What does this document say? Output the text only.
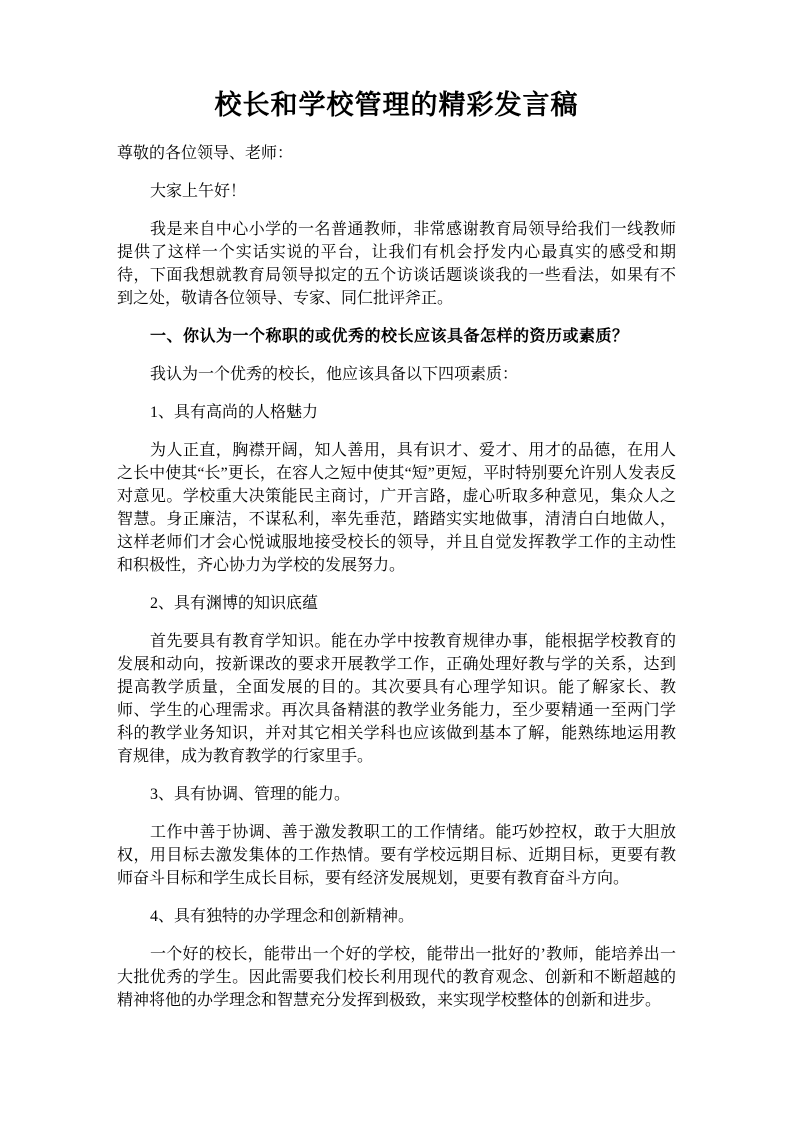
校长和学校管理的精彩发言稿

尊敬的各位领导、老师：

大家上午好！

我是来自中心小学的一名普通教师，非常感谢教育局领导给我们一线教师提供了这样一个实话实说的平台，让我们有机会抒发内心最真实的感受和期待，下面我想就教育局领导拟定的五个访谈话题谈谈我的一些看法，如果有不到之处，敬请各位领导、专家、同仁批评斧正。

一、你认为一个称职的或优秀的校长应该具备怎样的资历或素质？

我认为一个优秀的校长，他应该具备以下四项素质：

1、具有高尚的人格魅力

为人正直，胸襟开阔，知人善用，具有识才、爱才、用才的品德，在用人之长中使其“长”更长，在容人之短中使其“短”更短，平时特别要允许别人发表反对意见。学校重大决策能民主商讨，广开言路，虚心听取多种意见，集众人之智慧。身正廉洁，不谋私利，率先垂范，踏踏实实地做事，清清白白地做人，这样老师们才会心悦诚服地接受校长的领导，并且自觉发挥教学工作的主动性和积极性，齐心协力为学校的发展努力。

2、具有渊博的知识底蕴

首先要具有教育学知识。能在办学中按教育规律办事，能根据学校教育的发展和动向，按新课改的要求开展教学工作，正确处理好教与学的关系，达到提高教学质量，全面发展的目的。其次要具有心理学知识。能了解家长、教师、学生的心理需求。再次具备精湛的教学业务能力，至少要精通一至两门学科的教学业务知识，并对其它相关学科也应该做到基本了解，能熟练地运用教育规律，成为教育教学的行家里手。

3、具有协调、管理的能力。

工作中善于协调、善于激发教职工的工作情绪。能巧妙控权，敢于大胆放权，用目标去激发集体的工作热情。要有学校远期目标、近期目标，更要有教师奋斗目标和学生成长目标，要有经济发展规划，更要有教育奋斗方向。

4、具有独特的办学理念和创新精神。

一个好的校长，能带出一个好的学校，能带出一批好的’教师，能培养出一大批优秀的学生。因此需要我们校长利用现代的教育观念、创新和不断超越的精神将他的办学理念和智慧充分发挥到极致，来实现学校整体的创新和进步。
